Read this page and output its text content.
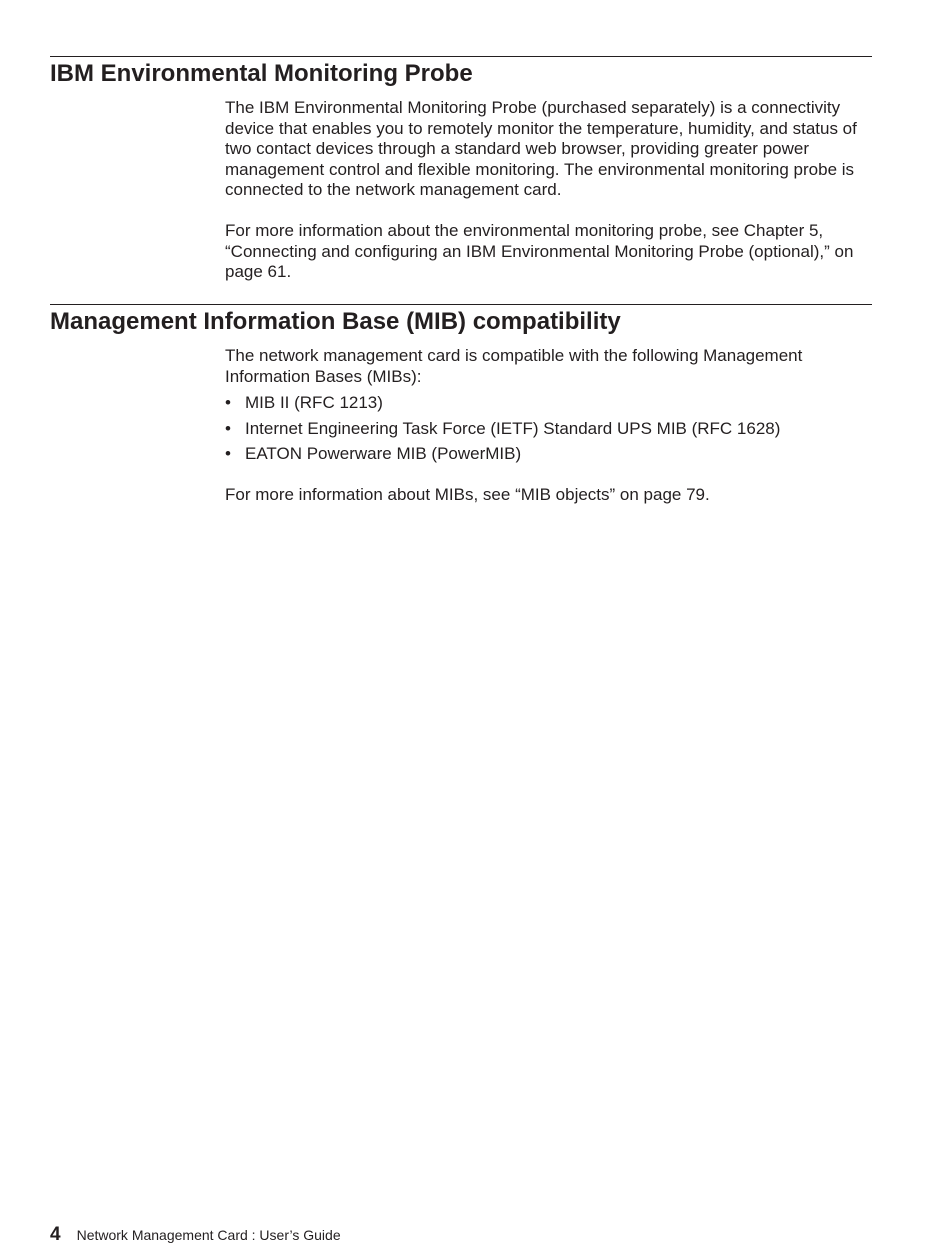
IBM Environmental Monitoring Probe

The IBM Environmental Monitoring Probe (purchased separately) is a connectivity device that enables you to remotely monitor the temperature, humidity, and status of two contact devices through a standard web browser, providing greater power management control and flexible monitoring. The environmental monitoring probe is connected to the network management card.

For more information about the environmental monitoring probe, see Chapter 5, “Connecting and configuring an IBM Environmental Monitoring Probe (optional),” on page 61.

Management Information Base (MIB) compatibility

The network management card is compatible with the following Management Information Bases (MIBs):

• MIB II (RFC 1213)
• Internet Engineering Task Force (IETF) Standard UPS MIB (RFC 1628)
• EATON Powerware MIB (PowerMIB)

For more information about MIBs, see “MIB objects” on page 79.

4 Network Management Card : User’s Guide
